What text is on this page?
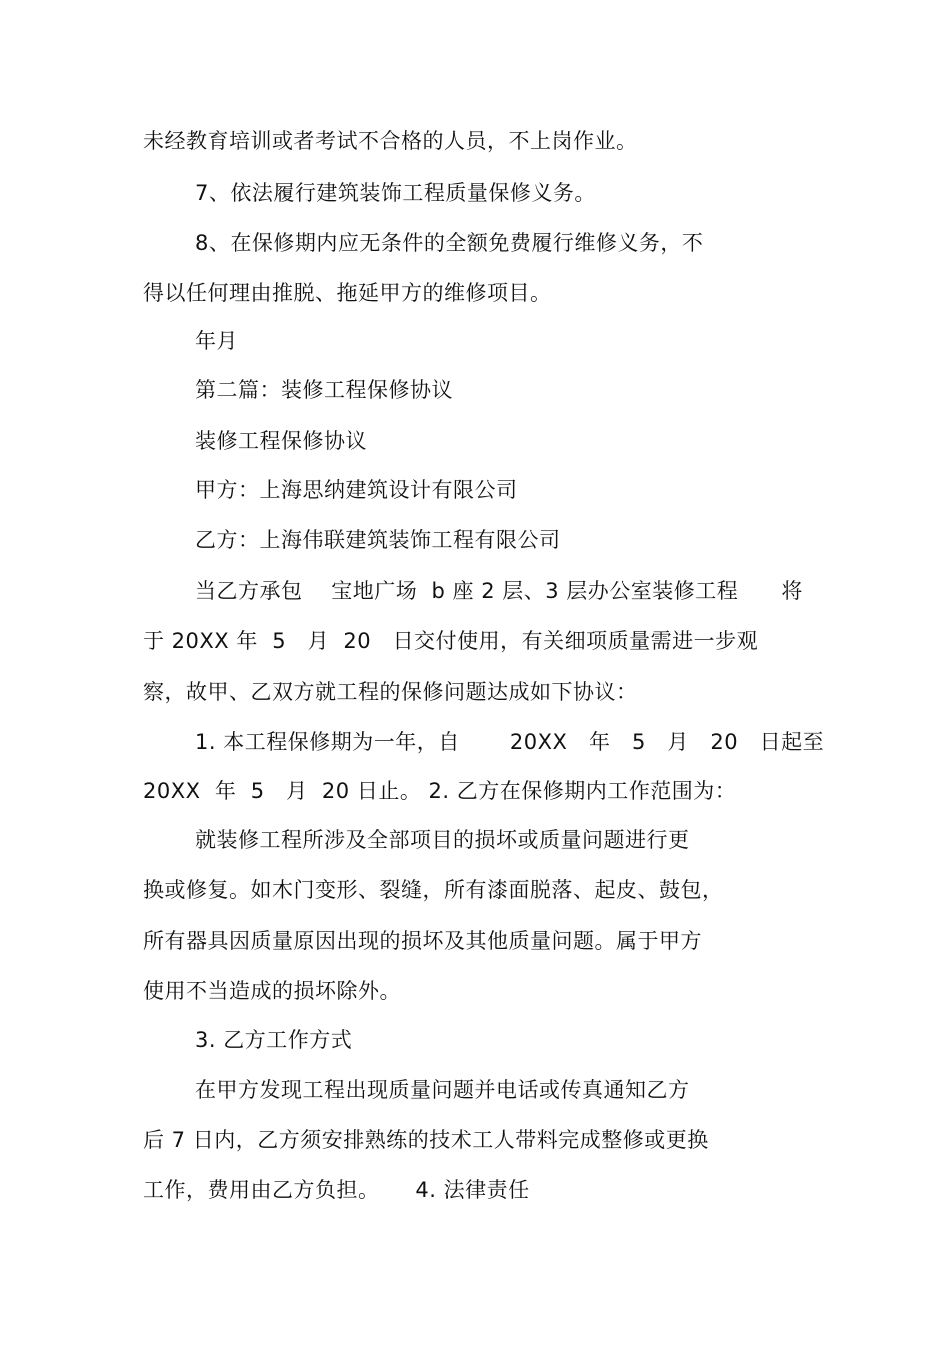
未经教育培训或者考试不合格的人员，不上岗作业。
7、依法履行建筑装饰工程质量保修义务。
8、在保修期内应无条件的全额免费履行维修义务，不
得以任何理由推脱、拖延甲方的维修项目。
年月
第二篇：装修工程保修协议
装修工程保修协议
甲方：上海思纳建筑设计有限公司
乙方：上海伟联建筑装饰工程有限公司
当乙方承包    宝地广场  b 座 2 层、3 层办公室装修工程      将
于 20XX 年  5   月  20   日交付使用，有关细项质量需进一步观
察，故甲、乙双方就工程的保修问题达成如下协议：
1. 本工程保修期为一年，自       20XX   年   5   月   20   日起至
20XX  年  5   月  20 日止。 2. 乙方在保修期内工作范围为：
就装修工程所涉及全部项目的损坏或质量问题进行更
换或修复。如木门变形、裂缝，所有漆面脱落、起皮、鼓包，
所有器具因质量原因出现的损坏及其他质量问题。属于甲方
使用不当造成的损坏除外。
3. 乙方工作方式
在甲方发现工程出现质量问题并电话或传真通知乙方
后 7 日内，乙方须安排熟练的技术工人带料完成整修或更换
工作，费用由乙方负担。     4. 法律责任
